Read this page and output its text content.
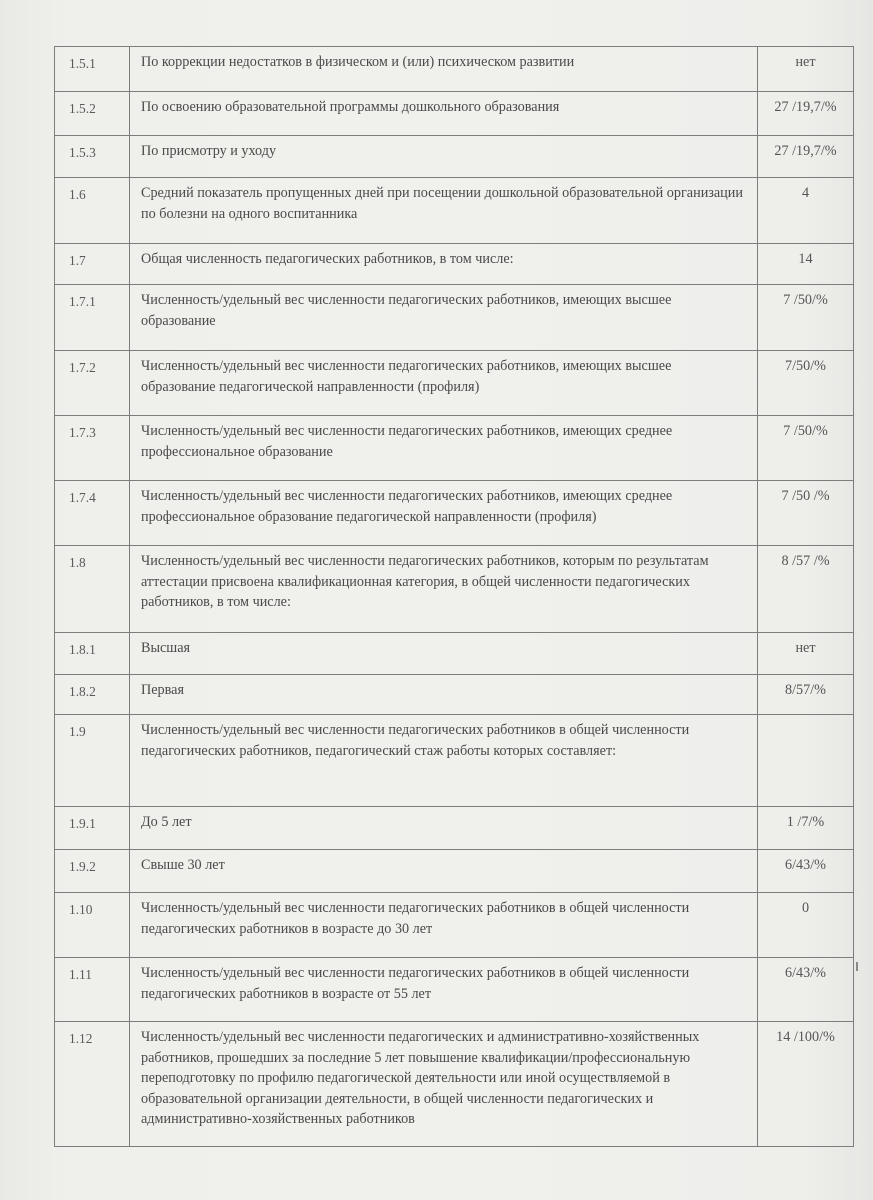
1.5.1	По коррекции недостатков в физическом и (или) психическом развитии	нет
1.5.2	По освоению образовательной программы дошкольного образования	27 /19,7/%
1.5.3	По присмотру и уходу	27 /19,7/%
1.6	Средний показатель пропущенных дней при посещении дошкольной образовательной организации по болезни на одного воспитанника	4
1.7	Общая численность педагогических работников, в том числе:	14
1.7.1	Численность/удельный вес численности педагогических работников, имеющих высшее образование	7 /50/%
1.7.2	Численность/удельный вес численности педагогических работников, имеющих высшее образование педагогической направленности (профиля)	7/50/%
1.7.3	Численность/удельный вес численности педагогических работников, имеющих среднее профессиональное образование	7 /50/%
1.7.4	Численность/удельный вес численности педагогических работников, имеющих среднее профессиональное образование педагогической направленности (профиля)	7 /50 /%
1.8	Численность/удельный вес численности педагогических работников, которым по результатам аттестации присвоена квалификационная категория, в общей численности педагогических работников, в том числе:	8 /57 /%
1.8.1	Высшая	нет
1.8.2	Первая	8/57/%
1.9	Численность/удельный вес численности педагогических работников в общей численности педагогических работников, педагогический стаж работы которых составляет:	
1.9.1	До 5 лет	1 /7/%
1.9.2	Свыше 30 лет	6/43/%
1.10	Численность/удельный вес численности педагогических работников в общей численности педагогических работников в возрасте до 30 лет	0
1.11	Численность/удельный вес численности педагогических работников в общей численности педагогических работников в возрасте от 55 лет	6/43/%
1.12	Численность/удельный вес численности педагогических и административно-хозяйственных работников, прошедших за последние 5 лет повышение квалификации/профессиональную переподготовку по профилю педагогической деятельности или иной осуществляемой в образовательной организации деятельности, в общей численности педагогических и административно-хозяйственных работников	14 /100/%
